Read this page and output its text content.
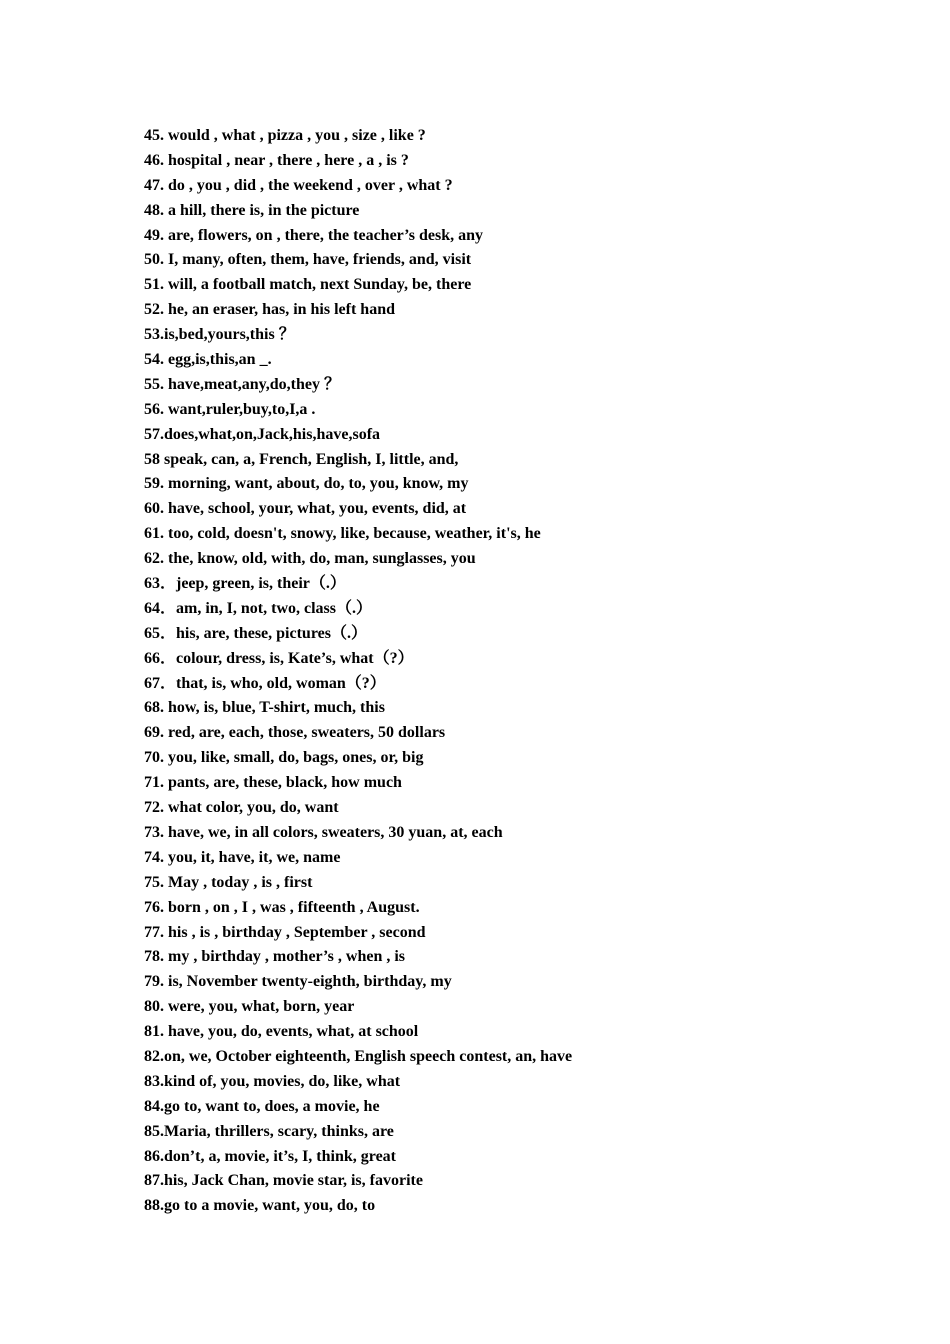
45. would , what , pizza , you , size , like ?
46. hospital , near , there , here , a , is ?
47. do , you , did , the weekend , over , what ?
48. a hill, there is, in the picture
49. are, flowers, on , there, the teacher’s desk, any
50. I, many, often, them, have, friends, and, visit
51. will, a football match, next Sunday, be, there
52. he, an eraser, has, in his left hand
53.is,bed,yours,this ？
54. egg,is,this,an _.
55. have,meat,any,do,they ？
56. want,ruler,buy,to,I,a .
57.does,what,on,Jack,his,have,sofa
58 speak, can, a, French, English, I, little, and,
59. morning, want, about, do, to, you, know, my
60. have, school, your, what, you, events, did, at
61. too, cold, doesn't, snowy, like, because, weather, it's, he
62. the, know, old, with, do, man, sunglasses, you
63．jeep, green, is, their（.）
64．am, in, I, not, two, class（.）
65．his, are, these, pictures（.）
66．colour, dress, is, Kate’s, what（?）
67．that, is, who, old, woman（?）
68. how, is, blue, T-shirt, much, this
69. red, are, each, those, sweaters, 50 dollars
70. you, like, small, do, bags, ones, or, big
71. pants, are, these, black, how much
72. what color, you, do, want
73. have, we, in all colors, sweaters, 30 yuan, at, each
74. you, it, have, it, we, name
75. May , today , is , first
76. born , on , I , was , fifteenth , August.
77. his , is , birthday , September , second
78. my , birthday , mother’s , when , is
79. is, November twenty-eighth, birthday, my
80. were, you, what, born, year
81. have, you, do, events, what, at school
82.on, we, October eighteenth, English speech contest, an, have
83.kind of, you, movies, do, like, what
84.go to, want to, does, a movie, he
85.Maria, thrillers, scary, thinks, are
86.don’t, a, movie, it’s, I, think, great
87.his, Jack Chan, movie star, is, favorite
88.go to a movie, want, you, do, to
